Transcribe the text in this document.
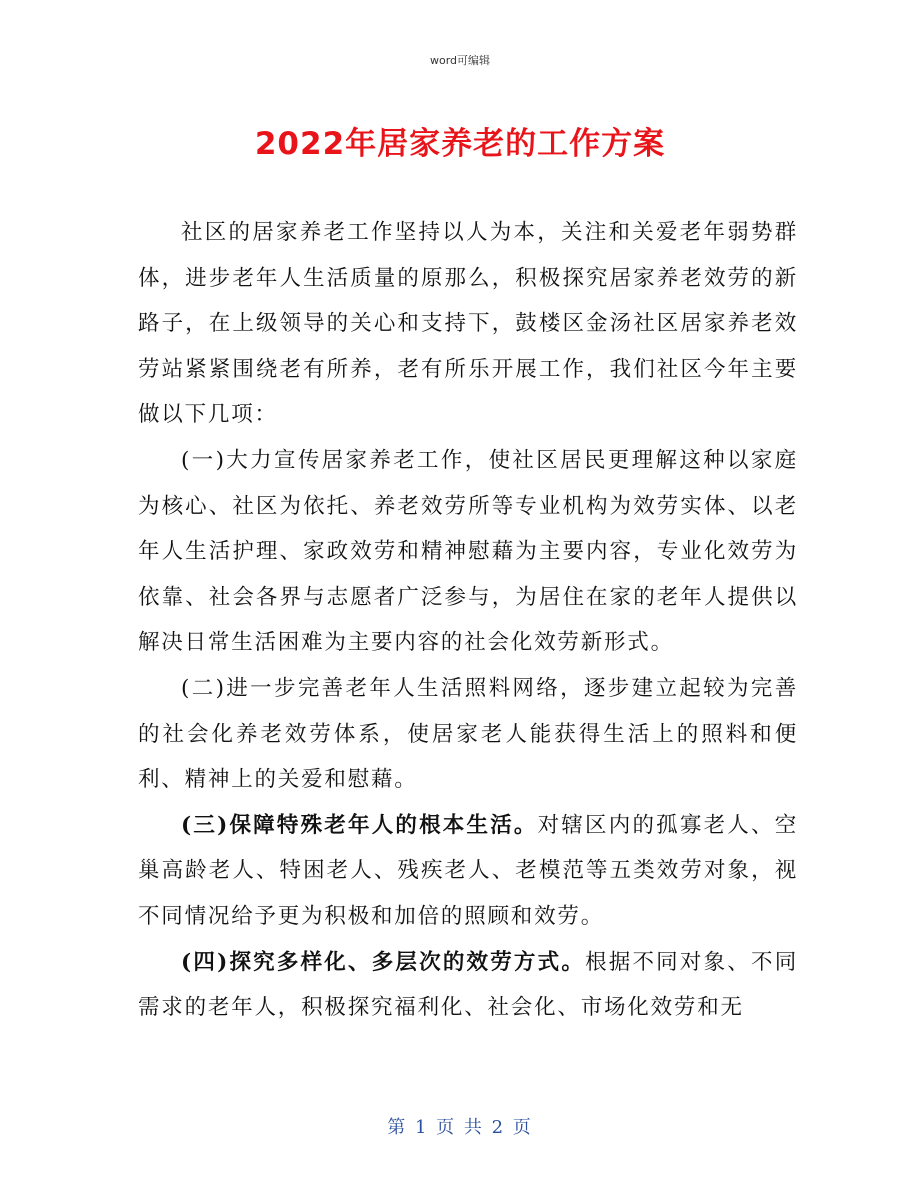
word可编辑
2022年居家养老的工作方案

社区的居家养老工作坚持以人为本，关注和关爱老年弱势群体，进步老年人生活质量的原那么，积极探究居家养老效劳的新路子，在上级领导的关心和支持下，鼓楼区金汤社区居家养老效劳站紧紧围绕老有所养，老有所乐开展工作，我们社区今年主要做以下几项：

(一)大力宣传居家养老工作，使社区居民更理解这种以家庭为核心、社区为依托、养老效劳所等专业机构为效劳实体、以老年人生活护理、家政效劳和精神慰藉为主要内容，专业化效劳为依靠、社会各界与志愿者广泛参与，为居住在家的老年人提供以解决日常生活困难为主要内容的社会化效劳新形式。

(二)进一步完善老年人生活照料网络，逐步建立起较为完善的社会化养老效劳体系，使居家老人能获得生活上的照料和便利、精神上的关爱和慰藉。

(三)保障特殊老年人的根本生活。对辖区内的孤寡老人、空巢高龄老人、特困老人、残疾老人、老模范等五类效劳对象，视不同情况给予更为积极和加倍的照顾和效劳。

(四)探究多样化、多层次的效劳方式。根据不同对象、不同需求的老年人，积极探究福利化、社会化、市场化效劳和无

第 1 页 共 2 页
